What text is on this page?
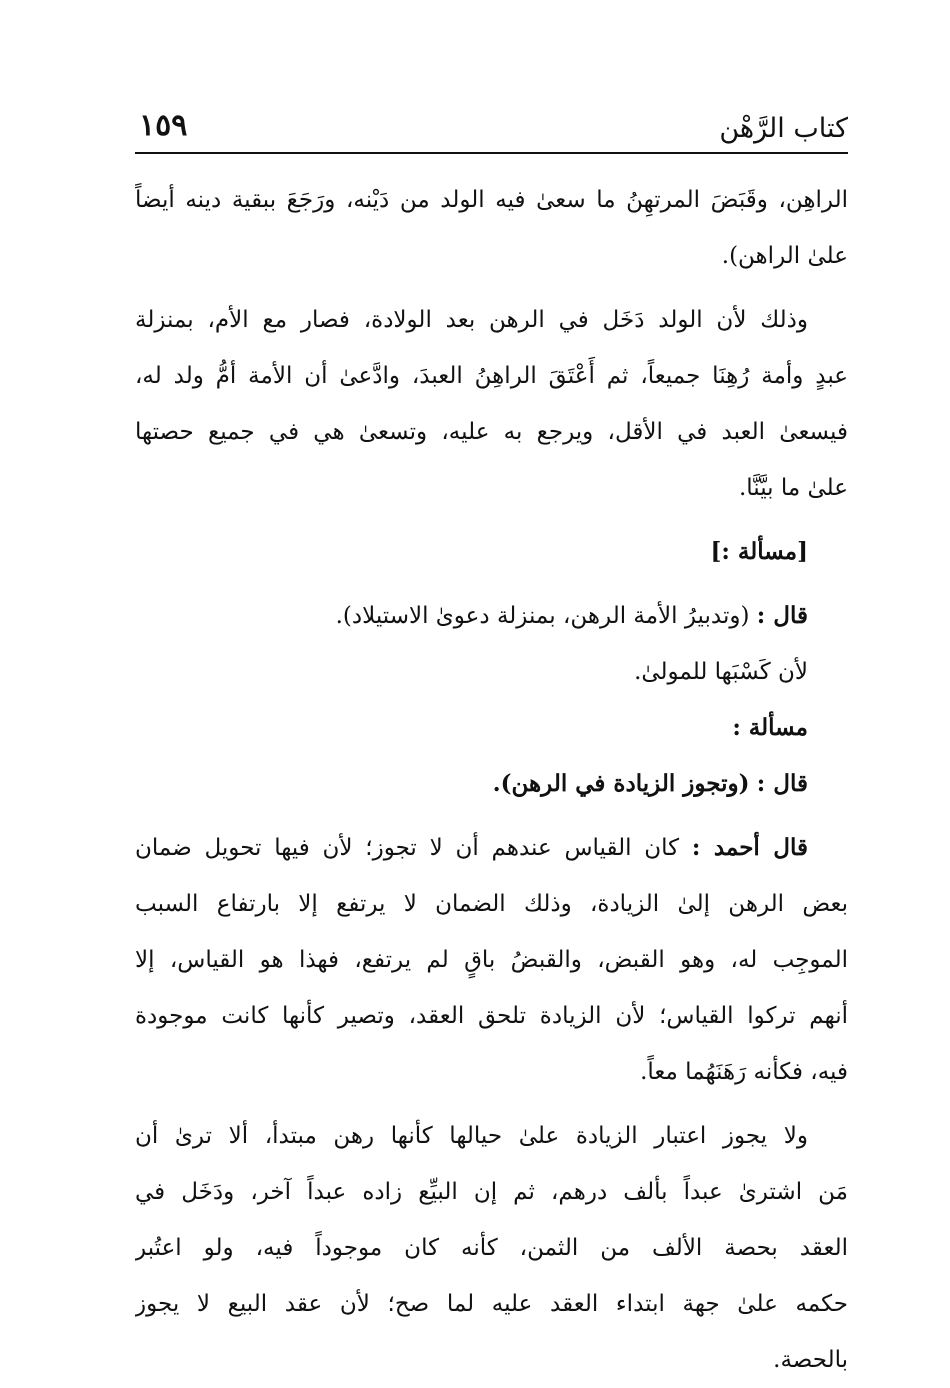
كتاب الرَّهْن
١٥٩
الراهِن، وقَبَضَ المرتهِنُ ما سعىٰ فيه الولد من دَيْنه، ورَجَعَ ببقية دينه أيضاً
علىٰ الراهن).
وذلك لأن الولد دَخَل في الرهن بعد الولادة، فصار مع الأم، بمنزلة
عبدٍ وأمة رُهِنَا جميعاً، ثم أَعْتَقَ الراهِنُ العبدَ، وادَّعىٰ أن الأمة أمُّ ولد له،
فيسعىٰ العبد في الأقل، ويرجع به عليه، وتسعىٰ هي في جميع حصتها
علىٰ ما بيَّنَّا.
[مسألة :]
قال : (وتدبيرُ الأمة الرهن، بمنزلة دعوىٰ الاستيلاد).
لأن كَسْبَها للمولىٰ.
مسألة :
قال : (وتجوز الزيادة في الرهن).
قال أحمد : كان القياس عندهم أن لا تجوز؛ لأن فيها تحويل ضمان
بعض الرهن إلىٰ الزيادة، وذلك الضمان لا يرتفع إلا بارتفاع السبب
الموجِب له، وهو القبض، والقبضُ باقٍ لم يرتفع، فهذا هو القياس، إلا
أنهم تركوا القياس؛ لأن الزيادة تلحق العقد، وتصير كأنها كانت موجودة
فيه، فكأنه رَهَنَهُما معاً.
ولا يجوز اعتبار الزيادة علىٰ حيالها كأنها رهن مبتدأ، ألا ترىٰ أن
مَن اشترىٰ عبداً بألف درهم، ثم إن البيِّع زاده عبداً آخر، ودَخَل في
العقد بحصة الألف من الثمن، كأنه كان موجوداً فيه، ولو اعتُبر
حكمه علىٰ جهة ابتداء العقد عليه لما صح؛ لأن عقد البيع لا يجوز
بالحصة.
